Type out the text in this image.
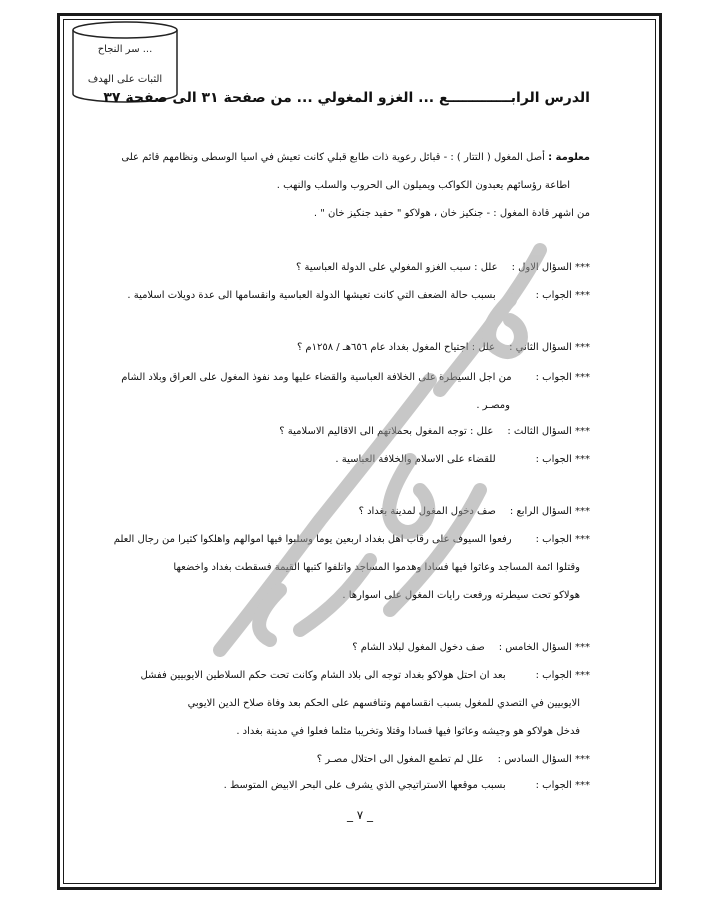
سر النجاح ...
الثبات على الهدف
الدرس الرابـــــــــــــع ... الغزو المغولي ... من صفحة ٣١ الى صفحة ٣٧
معلومة : أصل المغول ( التتار ) : - قبائل رعوية ذات طابع قبلي كانت تعيش في اسيا الوسطى ونظامهم قائم على
اطاعة رؤسائهم يعبدون الكواكب ويميلون الى الحروب والسلب والنهب .
من اشهر قادة المغول : - جنكيز خان ، هولاكو " حفيد جنكيز خان " .
*** السؤال الاول :علل : سبب الغزو المغولي على الدولة العباسية ؟
*** الجواب :بسبب حالة الضعف التي كانت تعيشها الدولة العباسية وانقسامها الى عدة دويلات اسلامية .
*** السؤال الثاني :علل : اجتياح المغول بغداد عام ٦٥٦هـ / ١٢٥٨م ؟
*** الجواب :من اجل السيطرة على الخلافة العباسية والقضاء عليها ومد نفوذ المغول على العراق وبلاد الشام
ومصـر .
*** السؤال الثالث :علل : توجه المغول بحملاتهم الى الاقاليم الاسلامية ؟
*** الجواب :للقضاء على الاسلام والخلافة العباسية .
*** السؤال الرابع :صف دخول المغول لمدينة بغداد ؟
*** الجواب :رفعوا السيوف على رقاب اهل بغداد اربعين يوما وسلبوا فيها اموالهم واهلكوا كثيرا من رجال العلم
وقتلوا ائمة المساجد وعاثوا فيها فسادا وهدموا المساجد واتلفوا كتبها القيمة فسقطت بغداد واخضعها
هولاكو تحت سيطرته ورفعت رايات المغول على اسوارها .
*** السؤال الخامس :صف دخول المغول لبلاد الشام ؟
*** الجواب :بعد ان احتل هولاكو بغداد توجه الى بلاد الشام وكانت تحت حكم السلاطين الايوبيين ففشل
الايوبيين في التصدي للمغول بسبب انقسامهم وتنافسهم على الحكم بعد وفاة صلاح الدين الايوبي
فدخل هولاكو هو وجيشه وعاثوا فيها فسادا وقتلا وتخريبا مثلما فعلوا في مدينة بغداد .
*** السؤال السادس :علل لم تطمع المغول الى احتلال مصـر ؟
*** الجواب :بسبب موقعها الاستراتيجي الذي يشرف على البحر الابيض المتوسط .
_ ٧ _
